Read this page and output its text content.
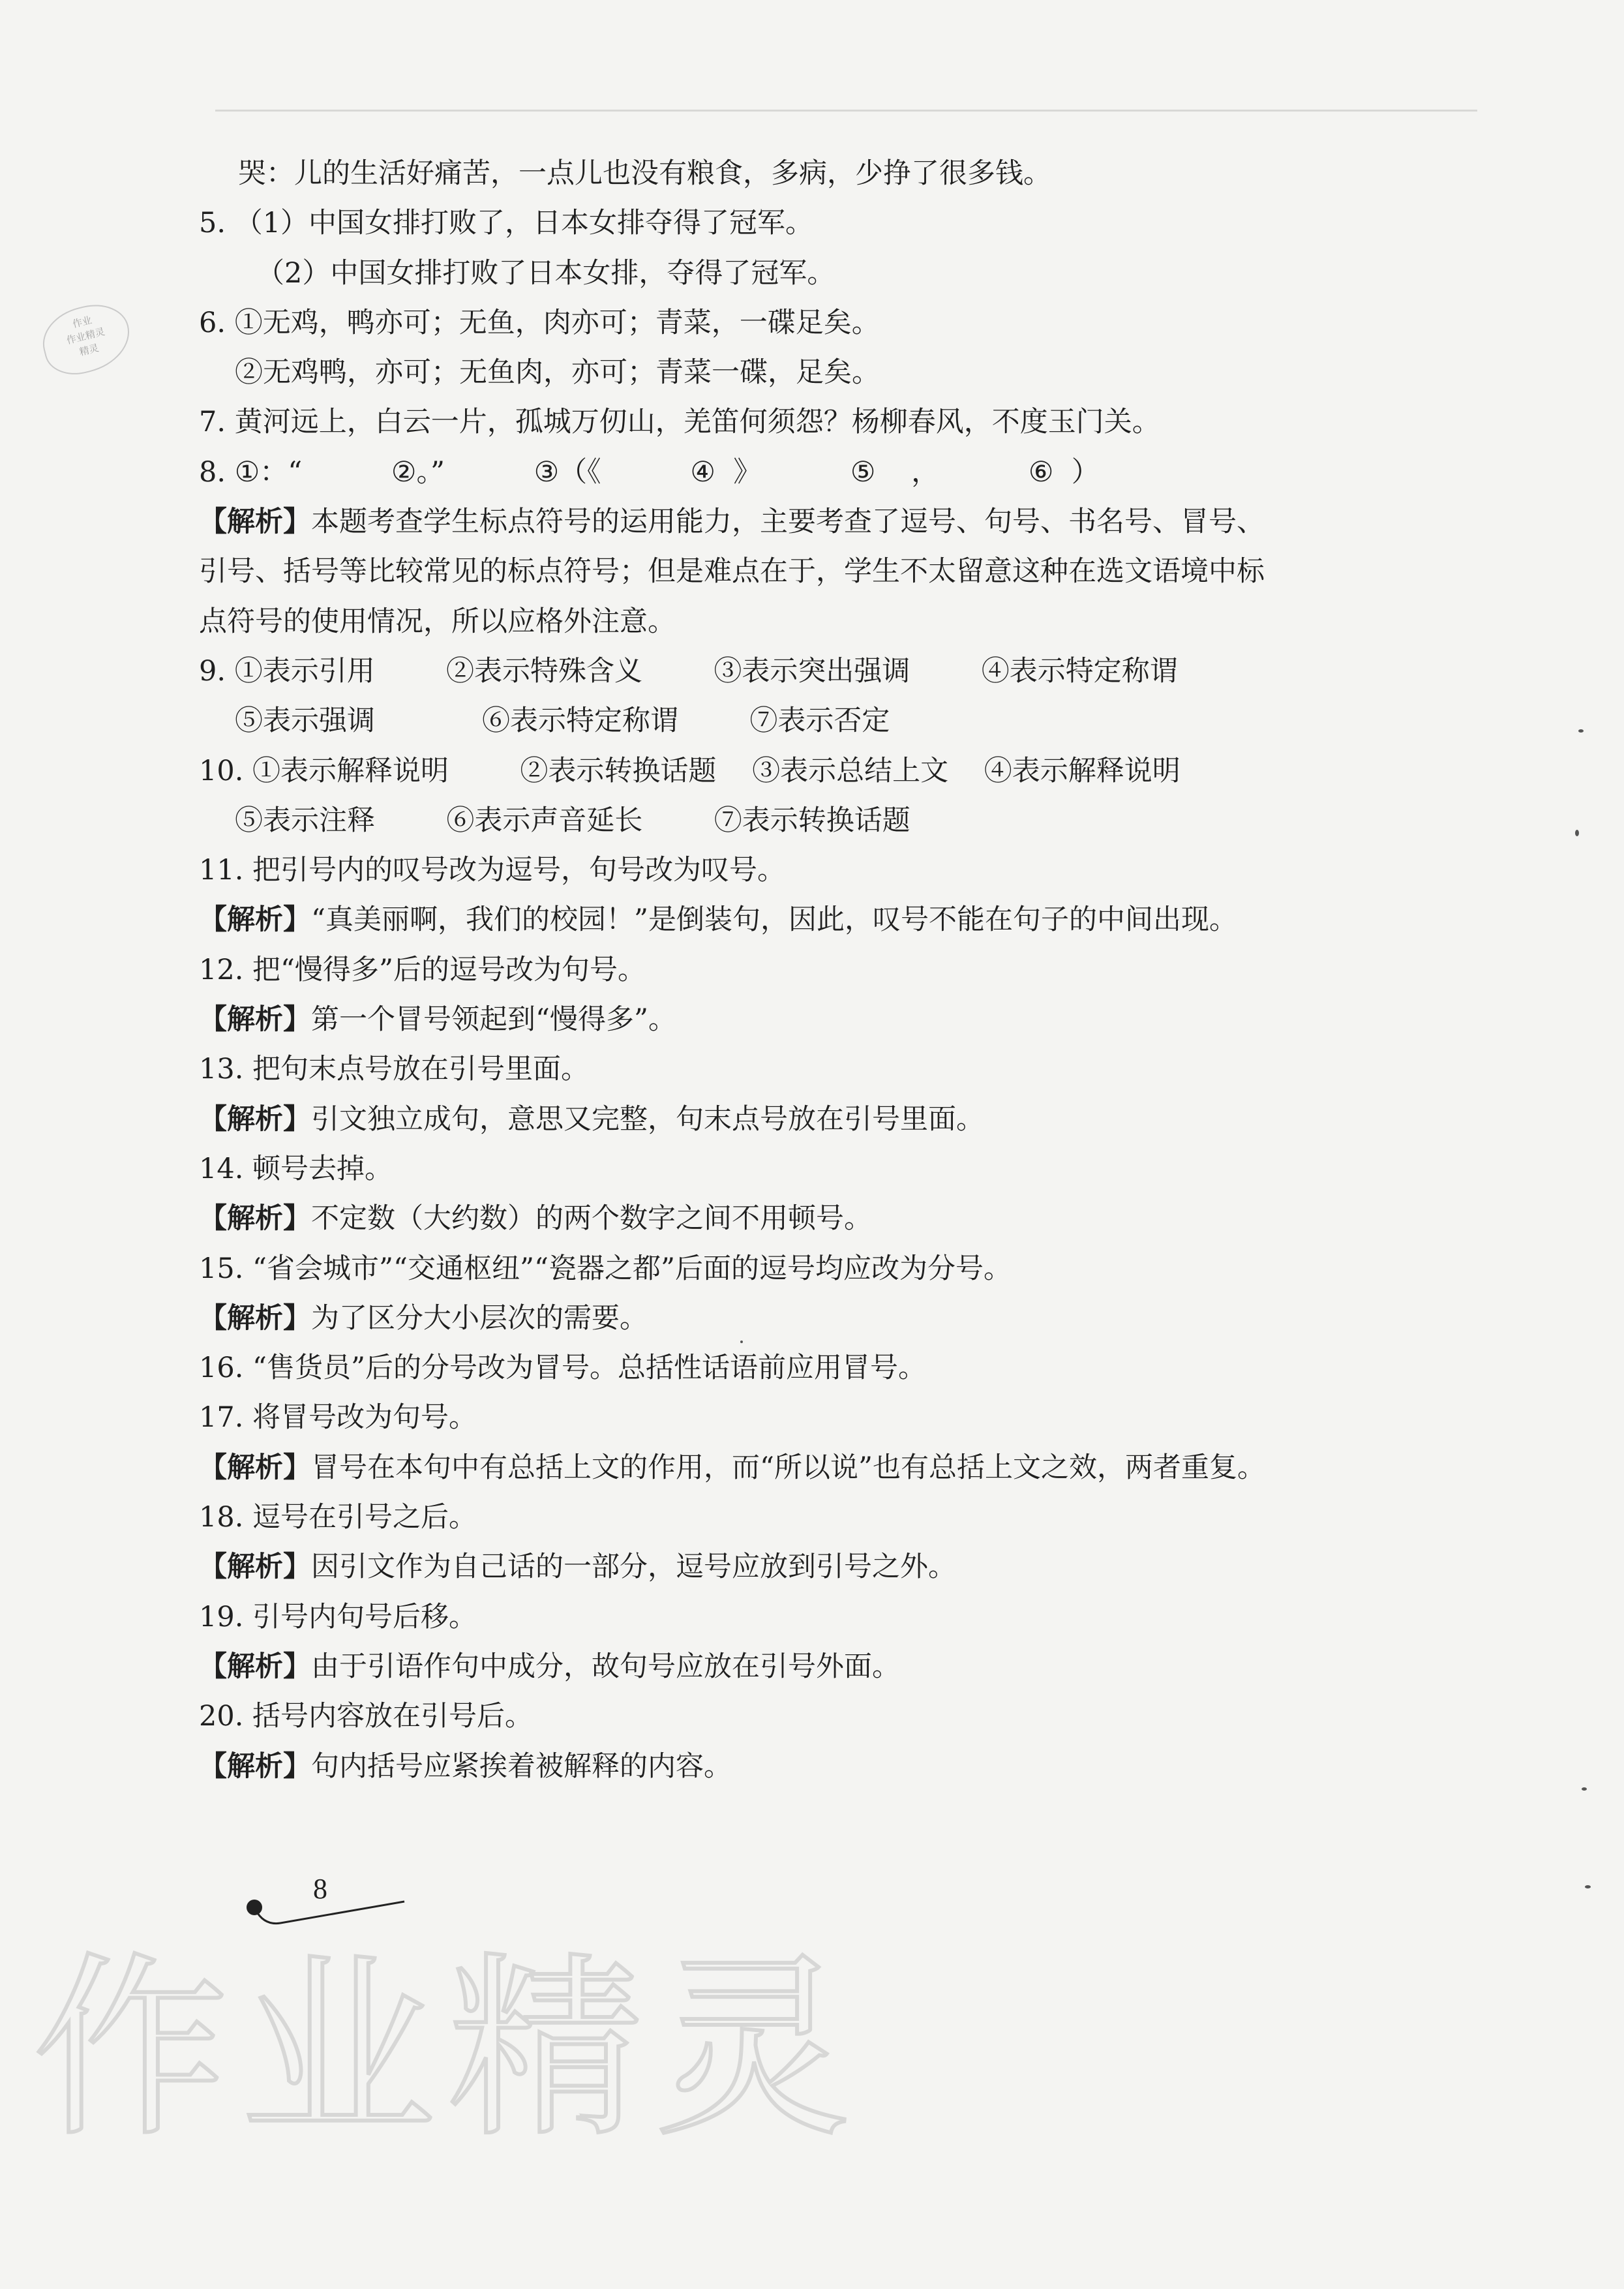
作业
作业精灵
精灵
哭：儿的生活好痛苦，一点儿也没有粮食，多病，少挣了很多钱。
5. （1）中国女排打败了，日本女排夺得了冠军。
（2）中国女排打败了日本女排，夺得了冠军。
6. ①无鸡，鸭亦可；无鱼，肉亦可；青菜，一碟足矣。
②无鸡鸭，亦可；无鱼肉，亦可；青菜一碟，足矣。
7. 黄河远上，白云一片，孤城万仞山，羌笛何须怨？杨柳春风，不度玉门关。
8. ①：“          ②。”          ③（《          ④  》          ⑤    ，          ⑥  ）
【解析】本题考查学生标点符号的运用能力，主要考查了逗号、句号、书名号、冒号、
引号、括号等比较常见的标点符号；但是难点在于，学生不太留意这种在选文语境中标
点符号的使用情况，所以应格外注意。
9. ①表示引用        ②表示特殊含义        ③表示突出强调        ④表示特定称谓
⑤表示强调            ⑥表示特定称谓        ⑦表示否定
10. ①表示解释说明        ②表示转换话题    ③表示总结上文    ④表示解释说明
⑤表示注释        ⑥表示声音延长        ⑦表示转换话题
11. 把引号内的叹号改为逗号，句号改为叹号。
【解析】“真美丽啊，我们的校园！”是倒装句，因此，叹号不能在句子的中间出现。
12. 把“慢得多”后的逗号改为句号。
【解析】第一个冒号领起到“慢得多”。
13. 把句末点号放在引号里面。
【解析】引文独立成句，意思又完整，句末点号放在引号里面。
14. 顿号去掉。
【解析】不定数（大约数）的两个数字之间不用顿号。
15. “省会城市”“交通枢纽”“瓷器之都”后面的逗号均应改为分号。
【解析】为了区分大小层次的需要。
16. “售货员”后的分号改为冒号。总括性话语前应用冒号。
17. 将冒号改为句号。
【解析】冒号在本句中有总括上文的作用，而“所以说”也有总括上文之效，两者重复。
18. 逗号在引号之后。
【解析】因引文作为自己话的一部分，逗号应放到引号之外。
19. 引号内句号后移。
【解析】由于引语作句中成分，故句号应放在引号外面。
20. 括号内容放在引号后。
【解析】句内括号应紧挨着被解释的内容。
8
作业精灵
